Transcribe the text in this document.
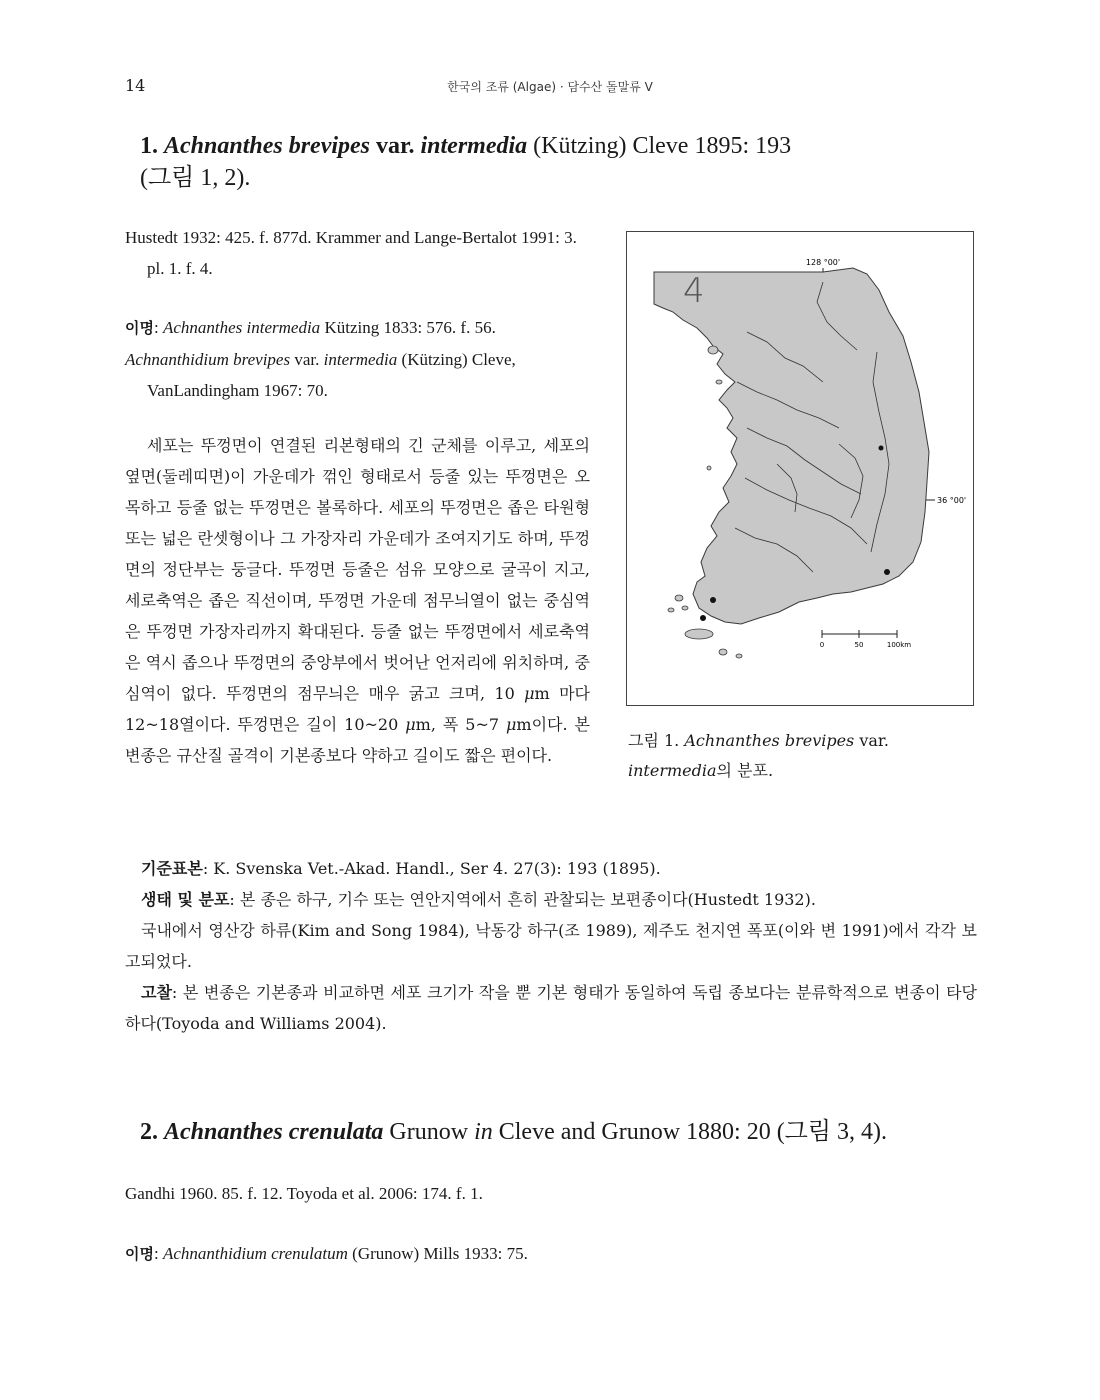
14	한국의 조류 (Algae) · 담수산 돌말류 V
1. Achnanthes brevipes var. intermedia (Kützing) Cleve 1895: 193
(그림 1, 2).

Hustedt 1932: 425. f. 877d. Krammer and Lange-Bertalot 1991: 3. pl. 1. f. 4.

이명: Achnanthes intermedia Kützing 1833: 576. f. 56.

Achnanthidium brevipes var. intermedia (Kützing) Cleve, VanLandingham 1967: 70.

세포는 뚜껑면이 연결된 리본형태의 긴 군체를 이루고, 세포의 옆면(둘레띠면)이 가운데가 꺾인 형태로서 등줄 있는 뚜껑면은 오목하고 등줄 없는 뚜껑면은 볼록하다. 세포의 뚜껑면은 좁은 타원형 또는 넓은 란셋형이나 그 가장자리 가운데가 조여지기도 하며, 뚜껑면의 정단부는 둥글다. 뚜껑면 등줄은 섬유 모양으로 굴곡이 지고, 세로축역은 좁은 직선이며, 뚜껑면 가운데 점무늬열이 없는 중심역은 뚜껑면 가장자리까지 확대된다. 등줄 없는 뚜껑면에서 세로축역은 역시 좁으나 뚜껑면의 중앙부에서 벗어난 언저리에 위치하며, 중심역이 없다. 뚜껑면의 점무늬은 매우 굵고 크며, 10 μm 마다 12~18열이다. 뚜껑면은 길이 10~20 μm, 폭 5~7 μm이다. 본 변종은 규산질 골격이 기본종보다 약하고 길이도 짧은 편이다.

128 °00'
36 °00'
4
0	50	100km
그림 1. Achnanthes brevipes var. intermedia의 분포.

기준표본: K. Svenska Vet.-Akad. Handl., Ser 4. 27(3): 193 (1895).

생태 및 분포: 본 종은 하구, 기수 또는 연안지역에서 흔히 관찰되는 보편종이다(Hustedt 1932).

국내에서 영산강 하류(Kim and Song 1984), 낙동강 하구(조 1989), 제주도 천지연 폭포(이와 변 1991)에서 각각 보고되었다.

고찰: 본 변종은 기본종과 비교하면 세포 크기가 작을 뿐 기본 형태가 동일하여 독립 종보다는 분류학적으로 변종이 타당하다(Toyoda and Williams 2004).

2. Achnanthes crenulata Grunow in Cleve and Grunow 1880: 20 (그림 3, 4).
Gandhi 1960. 85. f. 12. Toyoda et al. 2006: 174. f. 1.
이명: Achnanthidium crenulatum (Grunow) Mills 1933: 75.
